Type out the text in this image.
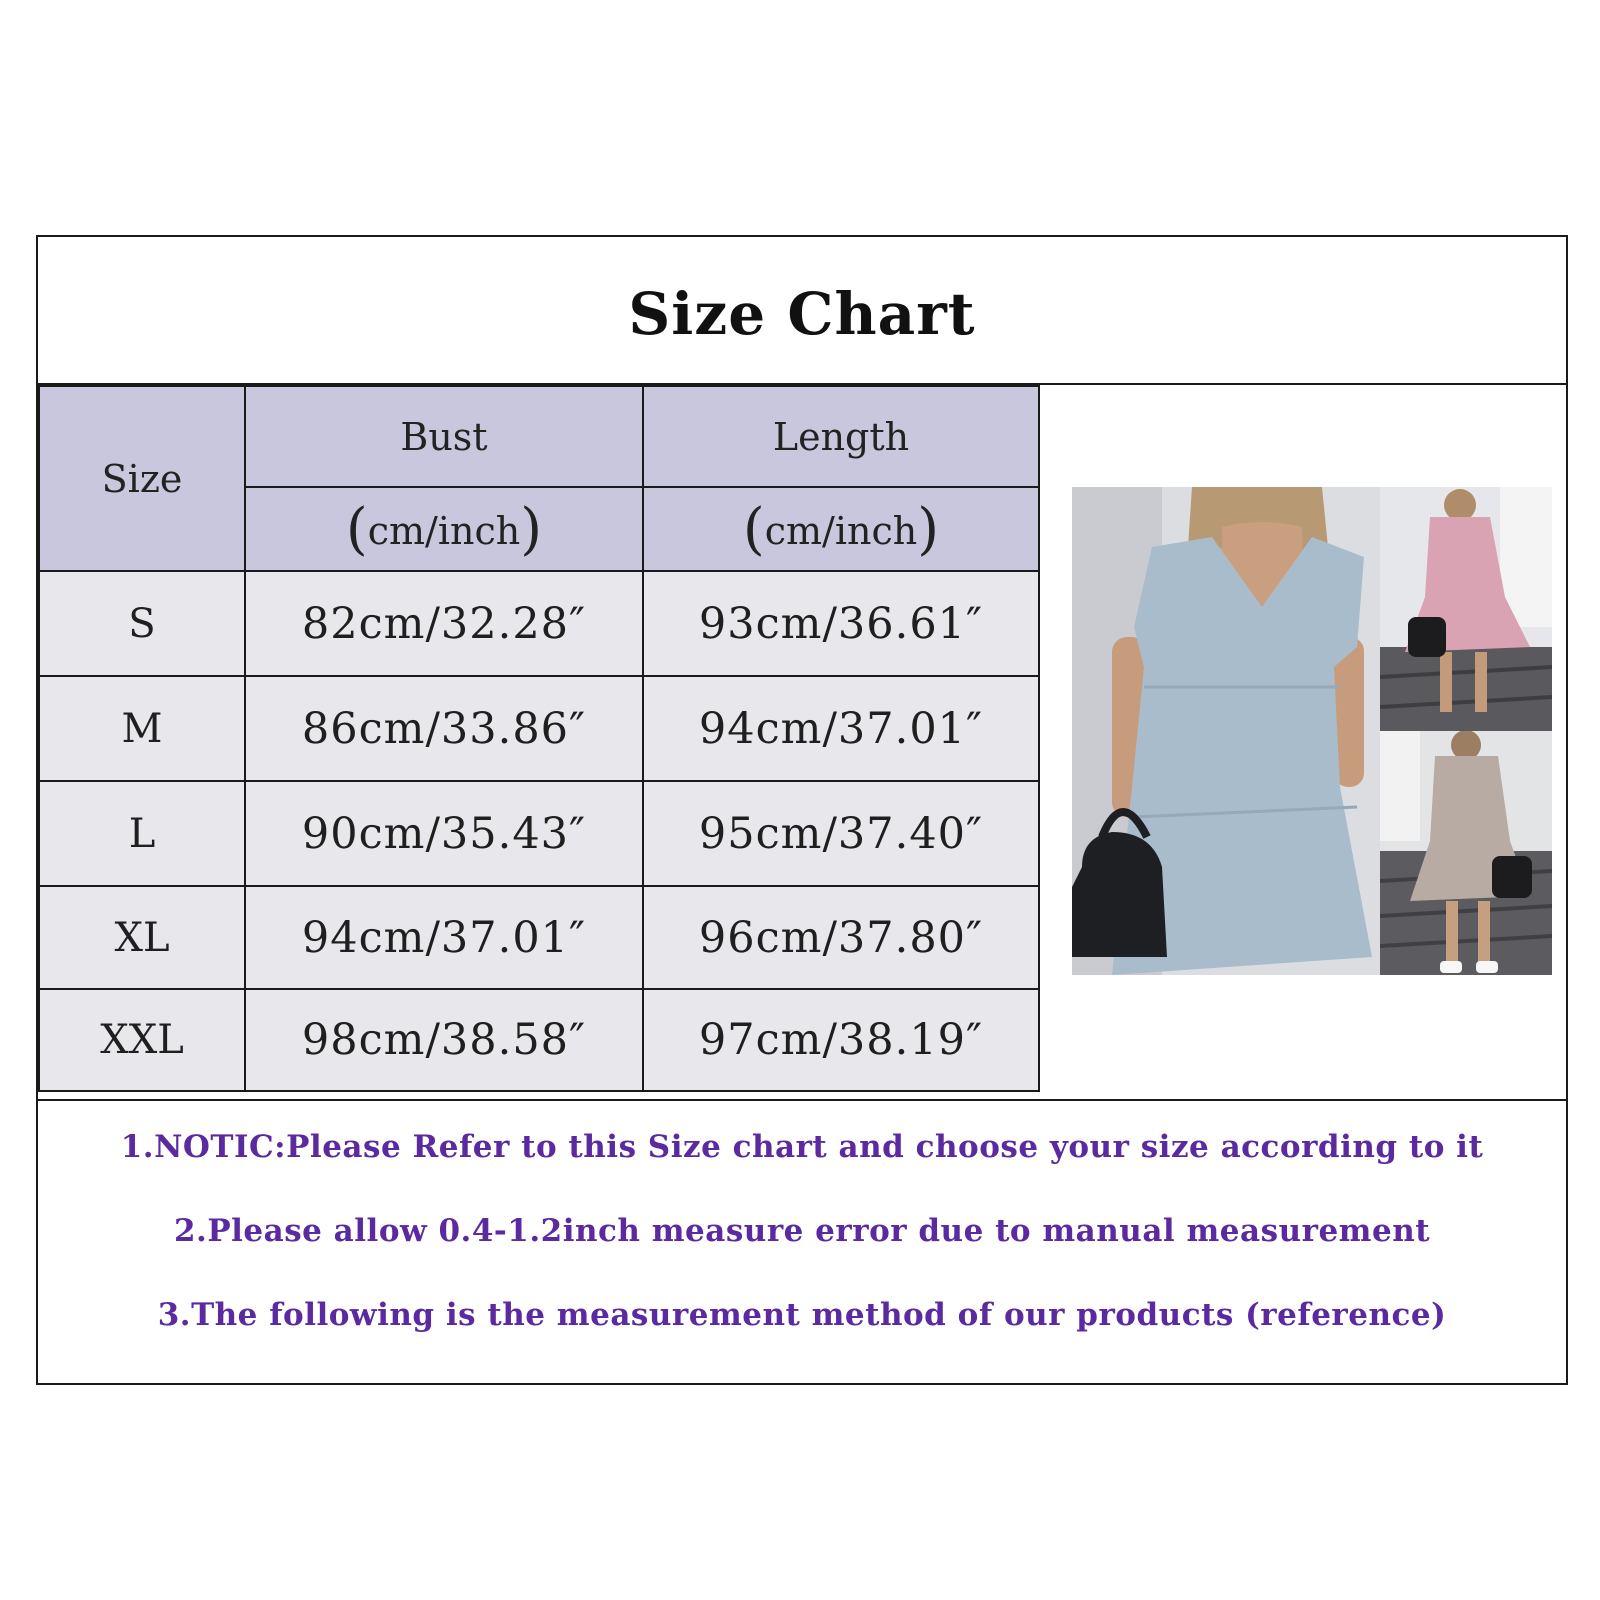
Size Chart
Size	Bust	Length
	(cm/inch)	(cm/inch)
S	82cm/32.28″	93cm/36.61″
M	86cm/33.86″	94cm/37.01″
L	90cm/35.43″	95cm/37.40″
XL	94cm/37.01″	96cm/37.80″
XXL	98cm/38.58″	97cm/38.19″
1.NOTIC:Please Refer to this Size chart and choose your size according to it
2.Please allow 0.4-1.2inch measure error due to manual measurement
3.The following is the measurement method of our products (reference)
